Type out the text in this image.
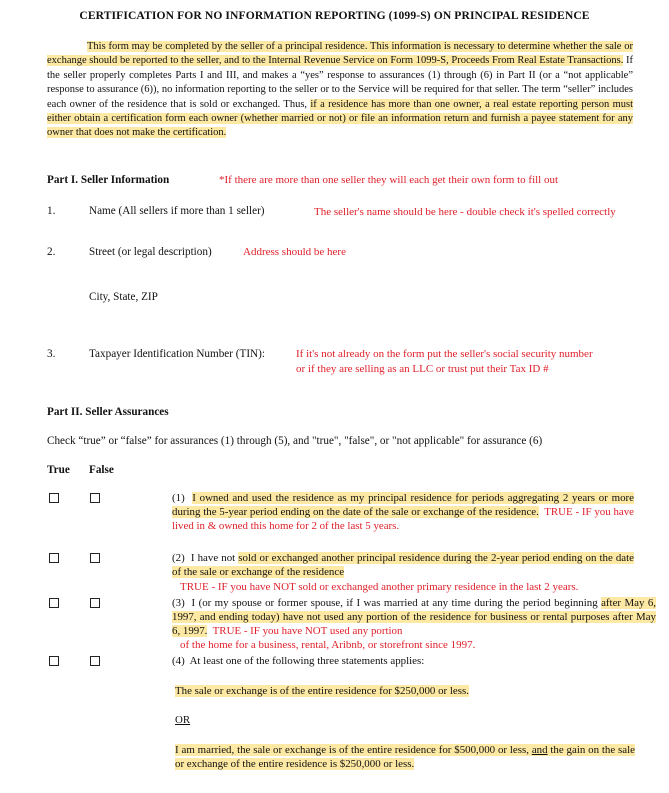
CERTIFICATION FOR NO INFORMATION REPORTING (1099-S) ON PRINCIPAL RESIDENCE
This form may be completed by the seller of a principal residence. This information is necessary to determine whether the sale or exchange should be reported to the seller, and to the Internal Revenue Service on Form 1099-S, Proceeds From Real Estate Transactions. If the seller properly completes Parts I and III, and makes a “yes” response to assurances (1) through (6) in Part II (or a “not applicable” response to assurance (6)), no information reporting to the seller or to the Service will be required for that seller. The term “seller” includes each owner of the residence that is sold or exchanged. Thus, if a residence has more than one owner, a real estate reporting person must either obtain a certification form each owner (whether married or not) or file an information return and furnish a payee statement for any owner that does not make the certification.
Part I. Seller Information	*If there are more than one seller they will each get their own form to fill out
1.	Name (All sellers if more than 1 seller)	The seller's name should be here - double check it's spelled correctly
2.	Street (or legal description)	Address should be here
City, State, ZIP
3.	Taxpayer Identification Number (TIN):	If it's not already on the form put the seller's social security number
or if they are selling as an LLC or trust put their Tax ID #
Part II. Seller Assurances
Check “true” or “false” for assurances (1) through (5), and "true", "false", or "not applicable" for assurance (6)
True False
(1) I owned and used the residence as my principal residence for periods aggregating 2 years or more during the 5-year period ending on the date of the sale or exchange of the residence. TRUE - IF you have lived in & owned this home for 2 of the last 5 years.
(2) I have not sold or exchanged another principal residence during the 2-year period ending on the date of the sale or exchange of the residence
TRUE - IF you have NOT sold or exchanged another primary residence in the last 2 years.
(3) I (or my spouse or former spouse, if I was married at any time during the period beginning after May 6, 1997, and ending today) have not used any portion of the residence for business or rental purposes after May 6, 1997. TRUE - IF you have NOT used any portion
of the home for a business, rental, Aribnb, or storefront since 1997.
(4) At least one of the following three statements applies:
The sale or exchange is of the entire residence for $250,000 or less.
OR
I am married, the sale or exchange is of the entire residence for $500,000 or less, and the gain on the sale or exchange of the entire residence is $250,000 or less.
